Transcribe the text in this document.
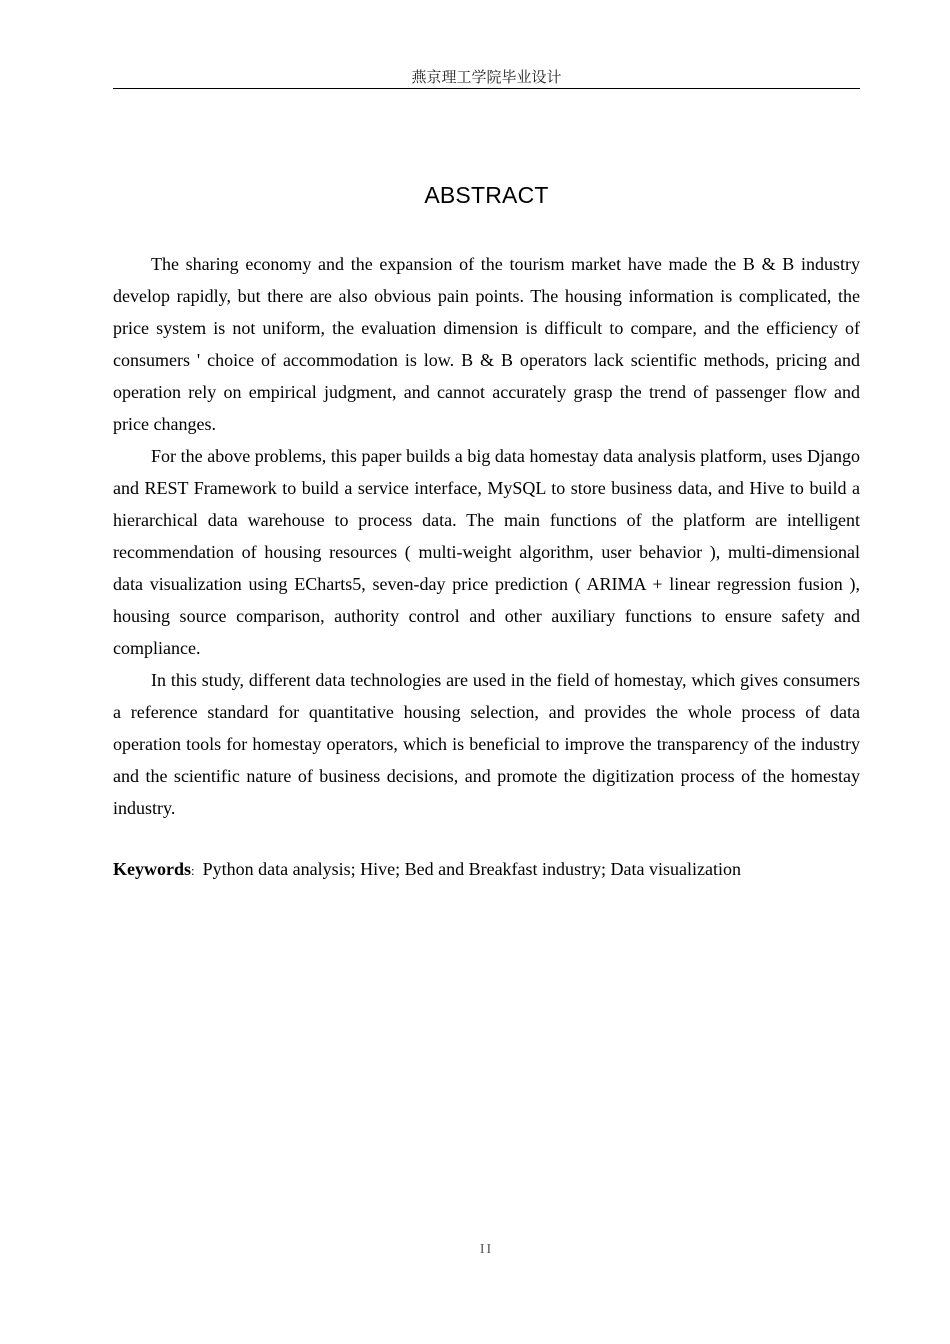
燕京理工学院毕业设计
ABSTRACT

The sharing economy and the expansion of the tourism market have made the B & B industry develop rapidly, but there are also obvious pain points. The housing information is complicated, the price system is not uniform, the evaluation dimension is difficult to compare, and the efficiency of consumers ' choice of accommodation is low. B & B operators lack scientific methods, pricing and operation rely on empirical judgment, and cannot accurately grasp the trend of passenger flow and price changes.

For the above problems, this paper builds a big data homestay data analysis platform, uses Django and REST Framework to build a service interface, MySQL to store business data, and Hive to build a hierarchical data warehouse to process data. The main functions of the platform are intelligent recommendation of housing resources ( multi-weight algorithm, user behavior ), multi-dimensional data visualization using ECharts5, seven-day price prediction ( ARIMA + linear regression fusion ), housing source comparison, authority control and other auxiliary functions to ensure safety and compliance.

In this study, different data technologies are used in the field of homestay, which gives consumers a reference standard for quantitative housing selection, and provides the whole process of data operation tools for homestay operators, which is beneficial to improve the transparency of the industry and the scientific nature of business decisions, and promote the digitization process of the homestay industry.

Keywords: Python data analysis; Hive; Bed and Breakfast industry; Data visualization
II
